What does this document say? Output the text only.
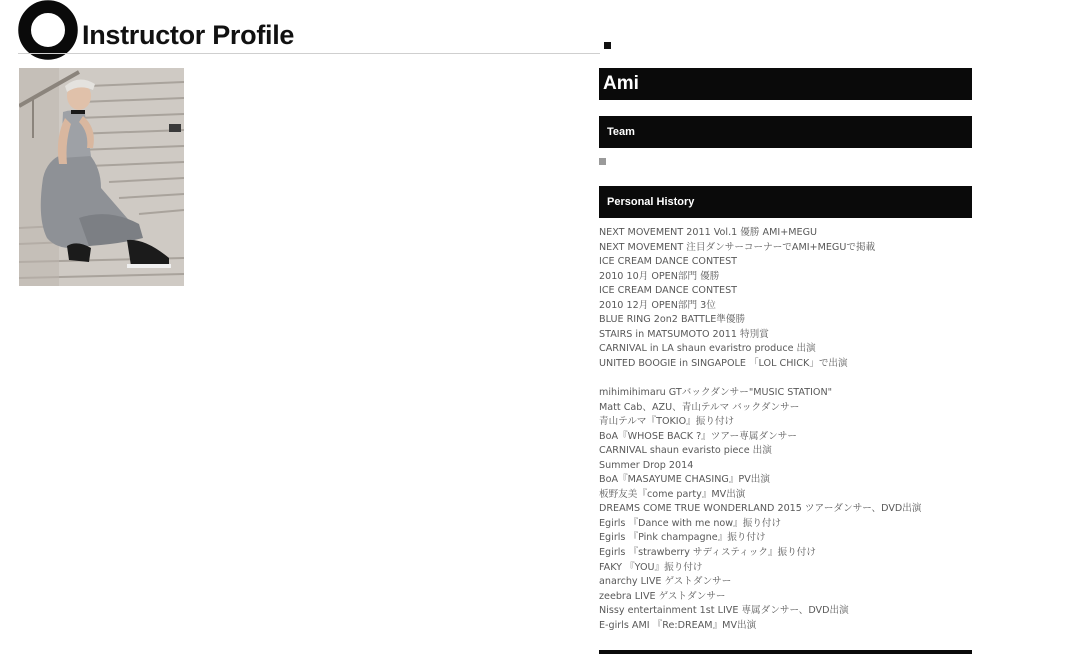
Instructor Profile
Ami
Team
Personal History
NEXT MOVEMENT 2011 Vol.1 優勝 AMI+MEGU
NEXT MOVEMENT 注目ダンサーコーナーでAMI+MEGUで掲載
ICE CREAM DANCE CONTEST
2010 10月 OPEN部門 優勝
ICE CREAM DANCE CONTEST
2010 12月 OPEN部門 3位
BLUE RING 2on2 BATTLE準優勝
STAIRS in MATSUMOTO 2011 特別賞
CARNIVAL in LA shaun evaristro produce 出演
UNITED BOOGIE in SINGAPOLE 「LOL CHICK」で出演
mihimihimaru GTバックダンサー"MUSIC STATION"
Matt Cab、AZU、青山テルマ バックダンサー
青山テルマ『TOKIO』振り付け
BoA『WHOSE BACK ?』ツアー専属ダンサー
CARNIVAL shaun evaristo piece 出演
Summer Drop 2014
BoA『MASAYUME CHASING』PV出演
板野友美『come party』MV出演
DREAMS COME TRUE WONDERLAND 2015 ツアーダンサー、DVD出演
Egirls 『Dance with me now』振り付け
Egirls 『Pink champagne』振り付け
Egirls 『strawberry サディスティック』振り付け
FAKY 『YOU』振り付け
anarchy LIVE ゲストダンサー
zeebra LIVE ゲストダンサー
Nissy entertainment 1st LIVE 専属ダンサー、DVD出演
E-girls AMI 『Re:DREAM』MV出演
